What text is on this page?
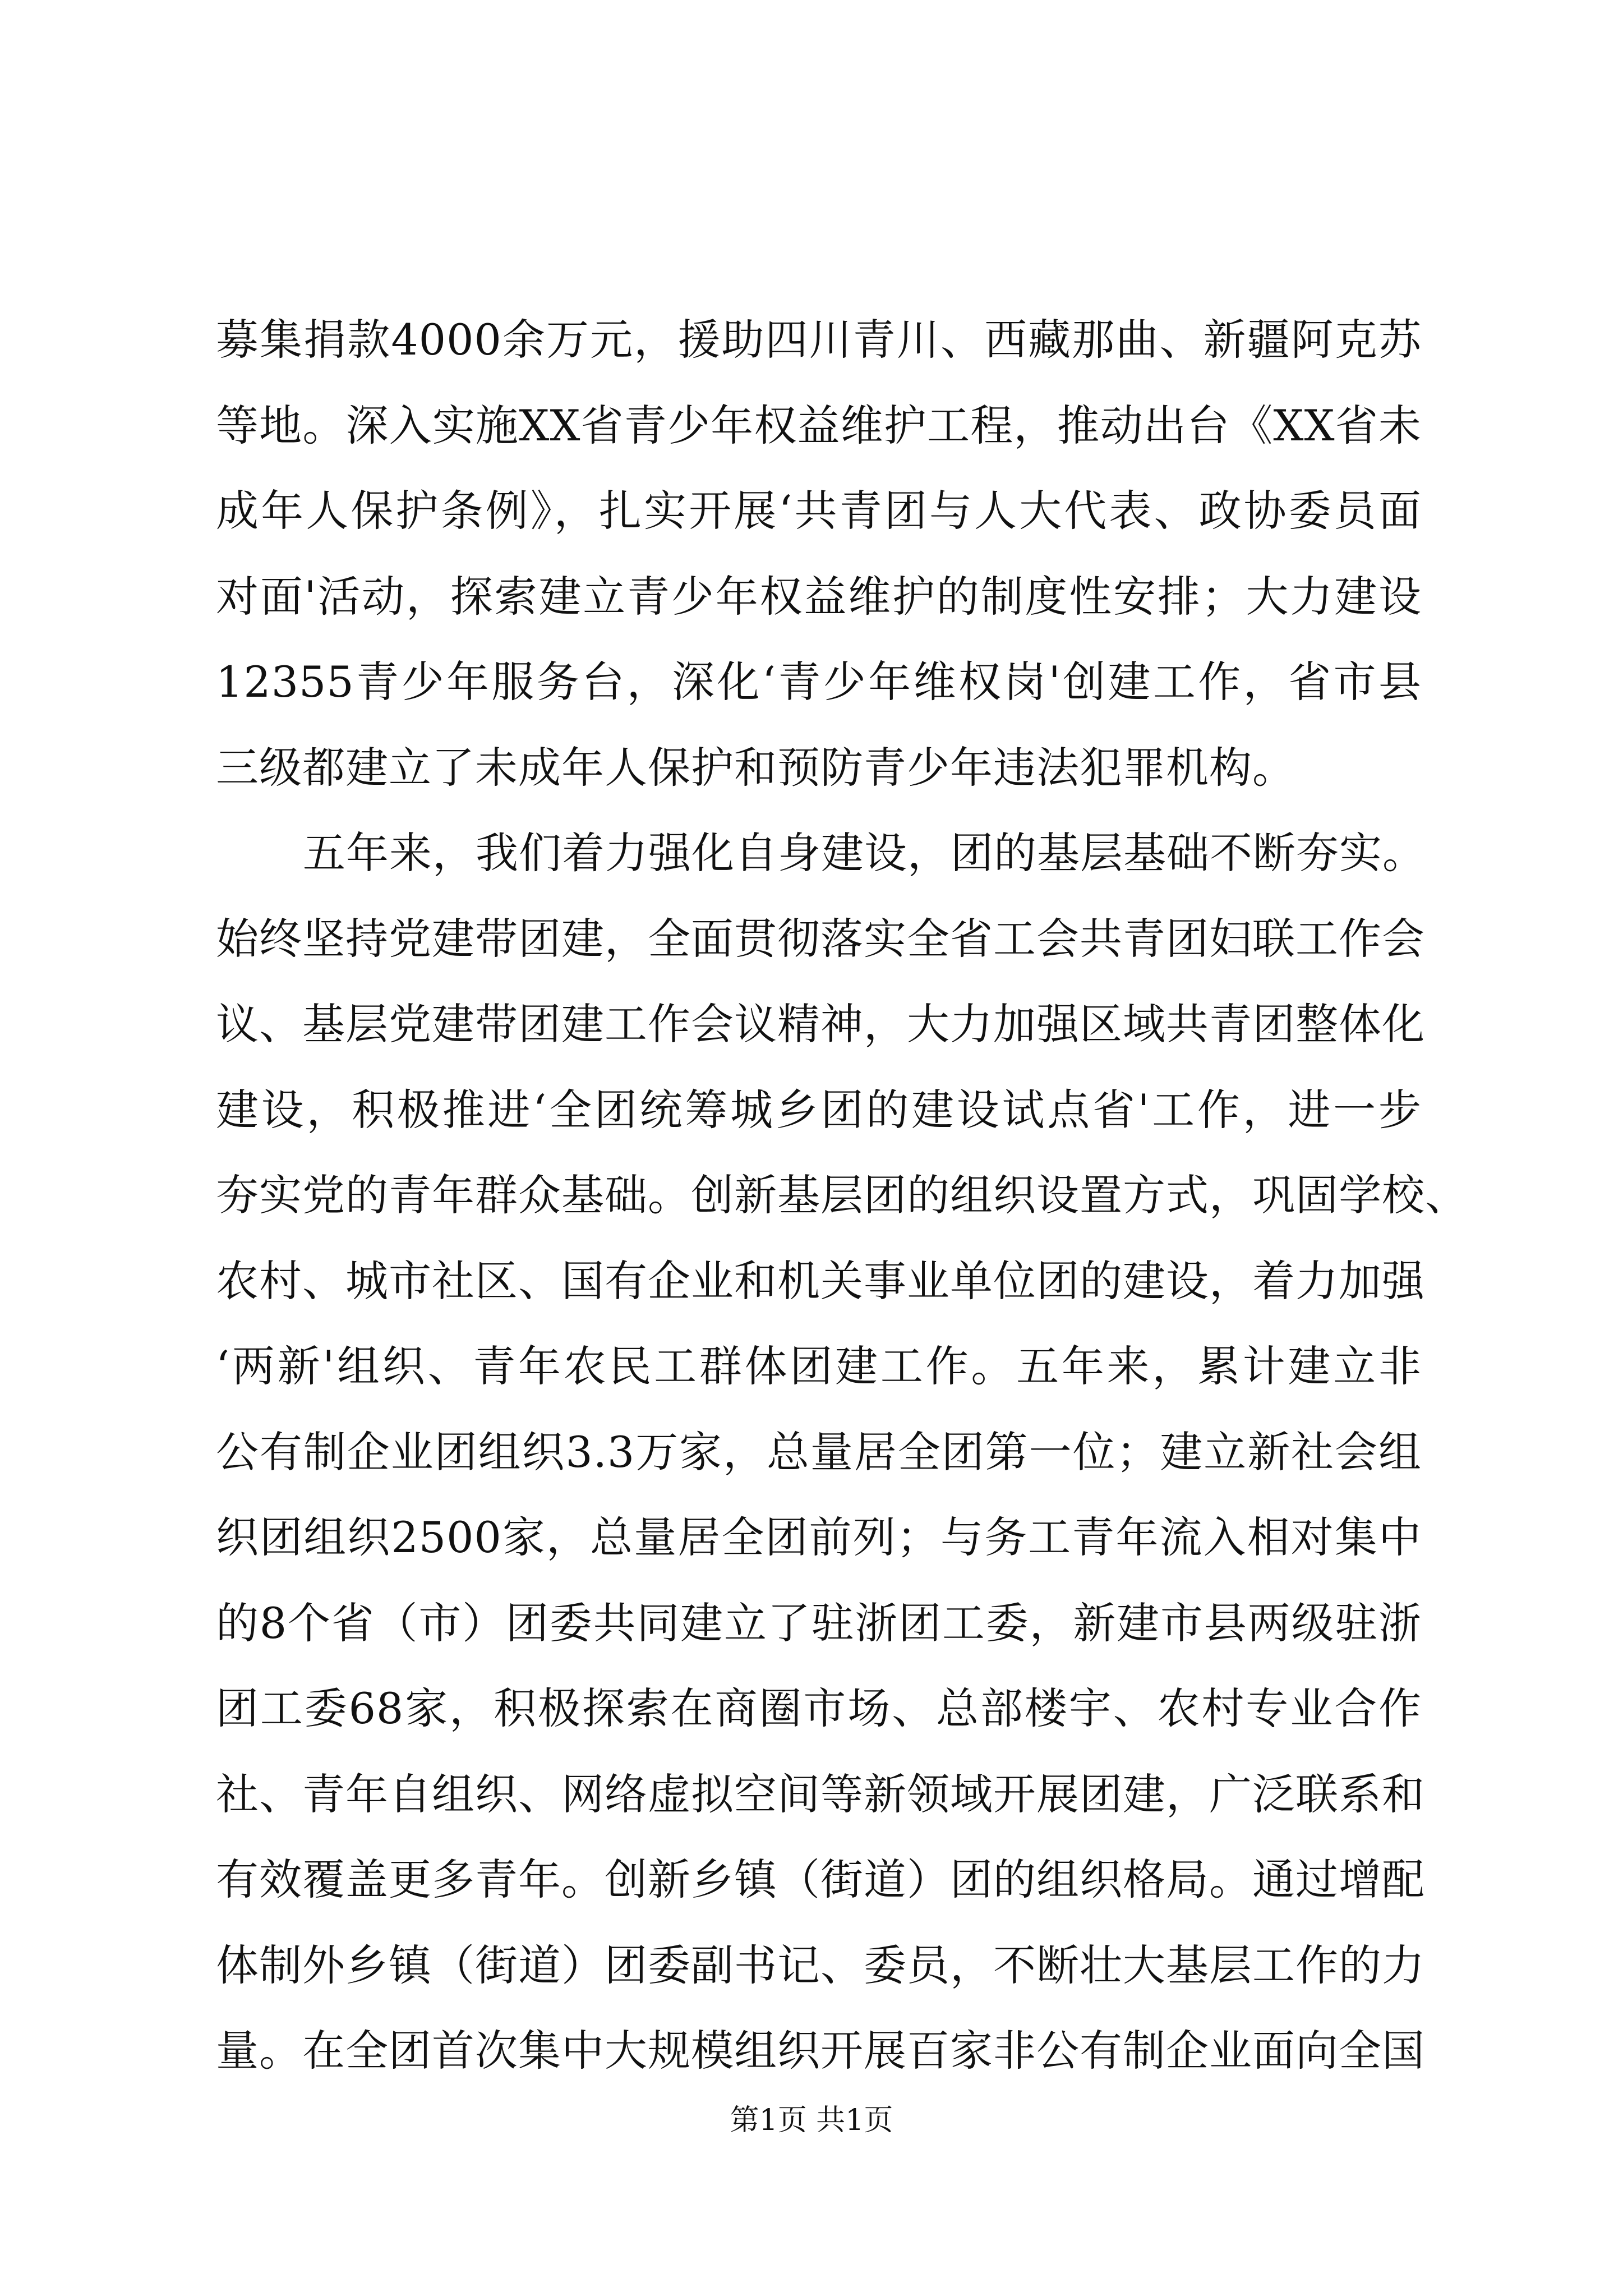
募集捐款4000余万元，援助四川青川、西藏那曲、新疆阿克苏
等地。深入实施XX省青少年权益维护工程，推动出台《XX省未
成年人保护条例》，扎实开展‘共青团与人大代表、政协委员面
对面'活动，探索建立青少年权益维护的制度性安排；大力建设
12355青少年服务台，深化‘青少年维权岗'创建工作，省市县
三级都建立了未成年人保护和预防青少年违法犯罪机构。
五年来，我们着力强化自身建设，团的基层基础不断夯实。
始终坚持党建带团建，全面贯彻落实全省工会共青团妇联工作会
议、基层党建带团建工作会议精神，大力加强区域共青团整体化
建设，积极推进‘全团统筹城乡团的建设试点省'工作，进一步
夯实党的青年群众基础。创新基层团的组织设置方式，巩固学校、
农村、城市社区、国有企业和机关事业单位团的建设，着力加强
‘两新'组织、青年农民工群体团建工作。五年来，累计建立非
公有制企业团组织3.3万家，总量居全团第一位；建立新社会组
织团组织2500家，总量居全团前列；与务工青年流入相对集中
的8个省（市）团委共同建立了驻浙团工委，新建市县两级驻浙
团工委68家，积极探索在商圈市场、总部楼宇、农村专业合作
社、青年自组织、网络虚拟空间等新领域开展团建，广泛联系和
有效覆盖更多青年。创新乡镇（街道）团的组织格局。通过增配
体制外乡镇（街道）团委副书记、委员，不断壮大基层工作的力
量。在全团首次集中大规模组织开展百家非公有制企业面向全国
第1页 共1页
